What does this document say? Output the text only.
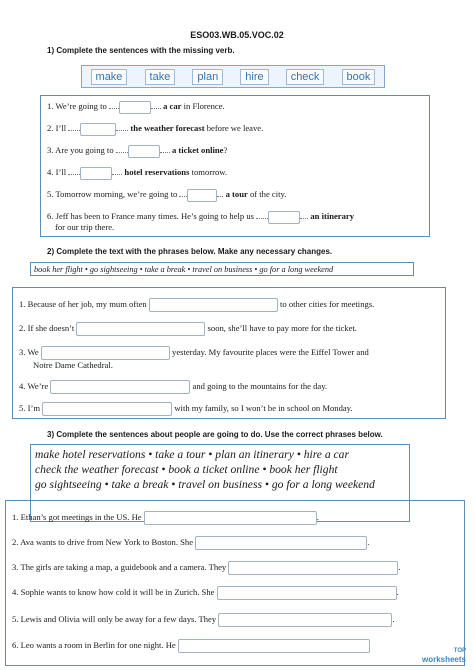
ESO03.WB.05.VOC.02
1) Complete the sentences with the missing verb.
make	take	plan	hire	check	book
1. We’re going to	a car in Florence.
2. I’ll	the weather forecast before we leave.
3. Are you going to	a ticket online?
4. I’ll	hotel reservations tomorrow.
5. Tomorrow morning, we’re going to	a tour of the city.
6. Jeff has been to France many times. He’s going to help us	an itinerary
for our trip there.
2) Complete the text with the phrases below. Make any necessary changes.
book her flight • go sightseeing • take a break • travel on business • go for a long weekend
1. Because of her job, my mum often	to other cities for meetings.
2. If she doesn’t	soon, she’ll have to pay more for the ticket.
3. We	yesterday. My favourite places were the Eiffel Tower and
Notre Dame Cathedral.
4. We’re	and going to the mountains for the day.
5. I’m	with my family, so I won’t be in school on Monday.
3) Complete the sentences about people are going to do. Use the correct phrases below.
make hotel reservations • take a tour • plan an itinerary • hire a car
check the weather forecast • book a ticket online • book her flight
go sightseeing • take a break • travel on business • go for a long weekend
1. Ethan’s got meetings in the US. He	.
2. Ava wants to drive from New York to Boston. She	.
3. The girls are taking a map, a guidebook and a camera. They	.
4. Sophie wants to know how cold it will be in Zurich. She	.
5. Lewis and Olivia will only be away for a few days. They	.
6. Leo wants a room in Berlin for one night. He
TOP
worksheets
